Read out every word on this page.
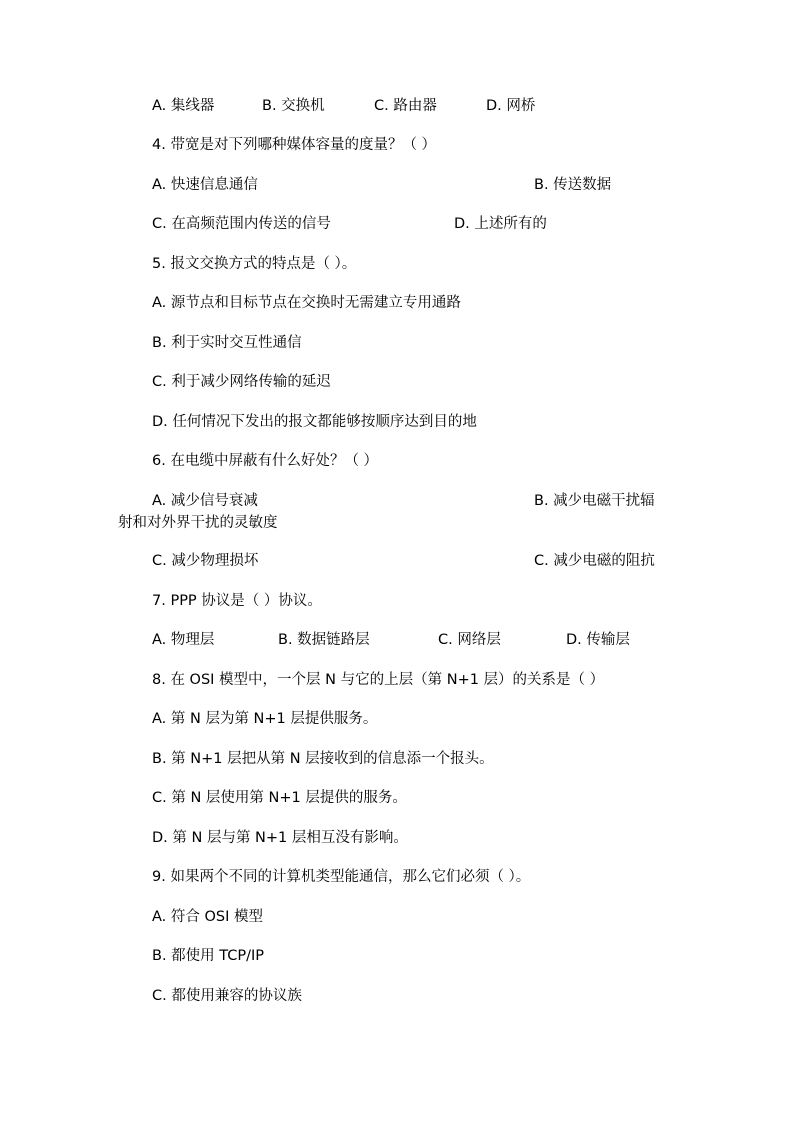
A. 集线器	B. 交换机	C. 路由器	D. 网桥
4. 带宽是对下列哪种媒体容量的度量？（ ）
A. 快速信息通信	B. 传送数据
C. 在高频范围内传送的信号	D. 上述所有的
5. 报文交换方式的特点是（ ）。
A. 源节点和目标节点在交换时无需建立专用通路
B. 利于实时交互性通信
C. 利于减少网络传输的延迟
D. 任何情况下发出的报文都能够按顺序达到目的地
6. 在电缆中屏蔽有什么好处？（ ）
A. 减少信号衰减	B. 减少电磁干扰辐
射和对外界干扰的灵敏度
C. 减少物理损坏	C. 减少电磁的阻抗
7. PPP 协议是（ ）协议。
A. 物理层	B. 数据链路层	C. 网络层	D. 传输层
8. 在 OSI 模型中，一个层 N 与它的上层（第 N+1 层）的关系是（ ）
A. 第 N 层为第 N+1 层提供服务。
B. 第 N+1 层把从第 N 层接收到的信息添一个报头。
C. 第 N 层使用第 N+1 层提供的服务。
D. 第 N 层与第 N+1 层相互没有影响。
9. 如果两个不同的计算机类型能通信，那么它们必须（ ）。
A. 符合 OSI 模型
B. 都使用 TCP/IP
C. 都使用兼容的协议族
